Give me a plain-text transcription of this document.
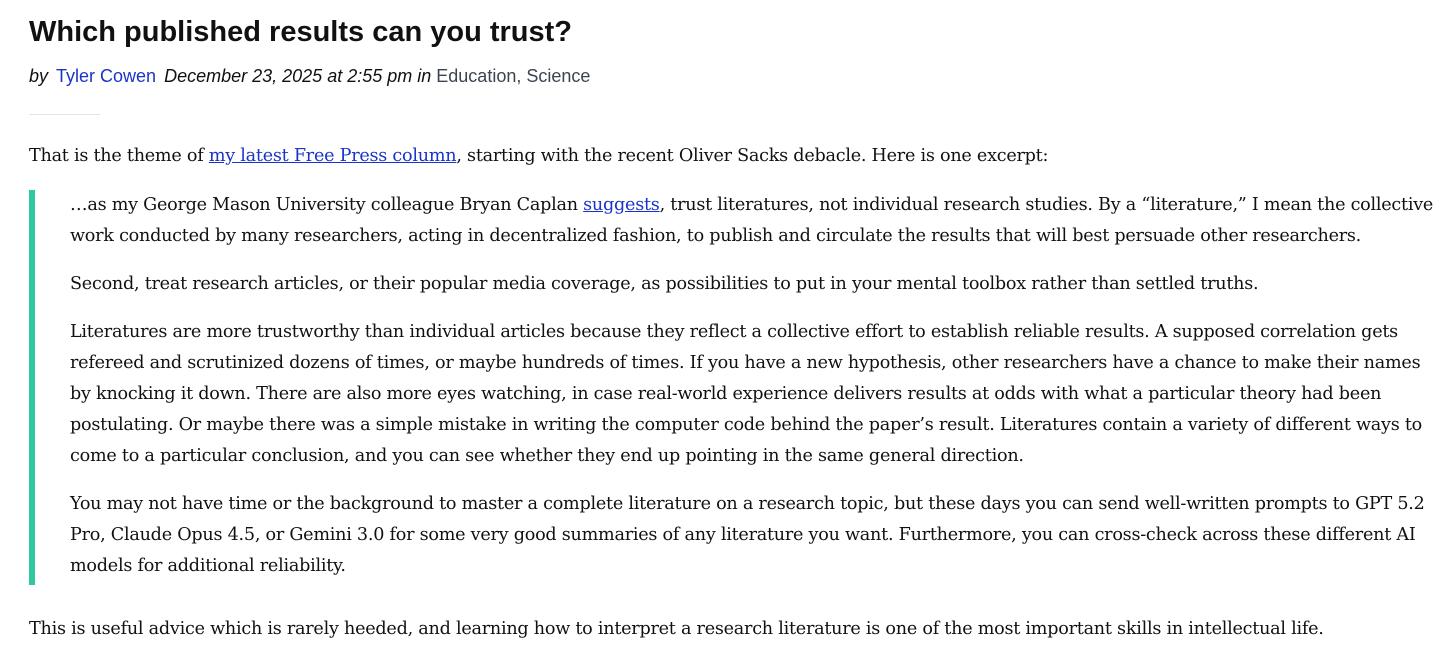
Which published results can you trust?
by Tyler Cowen December 23, 2025 at 2:55 pm in Education, Science

That is the theme of my latest Free Press column, starting with the recent Oliver Sacks debacle. Here is one excerpt:

…as my George Mason University colleague Bryan Caplan suggests, trust literatures, not individual research studies. By a “literature,” I mean the collective work conducted by many researchers, acting in decentralized fashion, to publish and circulate the results that will best persuade other researchers.

Second, treat research articles, or their popular media coverage, as possibilities to put in your mental toolbox rather than settled truths.

Literatures are more trustworthy than individual articles because they reflect a collective effort to establish reliable results. A supposed correlation gets refereed and scrutinized dozens of times, or maybe hundreds of times. If you have a new hypothesis, other researchers have a chance to make their names by knocking it down. There are also more eyes watching, in case real-world experience delivers results at odds with what a particular theory had been postulating. Or maybe there was a simple mistake in writing the computer code behind the paper’s result. Literatures contain a variety of different ways to come to a particular conclusion, and you can see whether they end up pointing in the same general direction.

You may not have time or the background to master a complete literature on a research topic, but these days you can send well-written prompts to GPT 5.2 Pro, Claude Opus 4.5, or Gemini 3.0 for some very good summaries of any literature you want. Furthermore, you can cross-check across these different AI models for additional reliability.

This is useful advice which is rarely heeded, and learning how to interpret a research literature is one of the most important skills in intellectual life.
